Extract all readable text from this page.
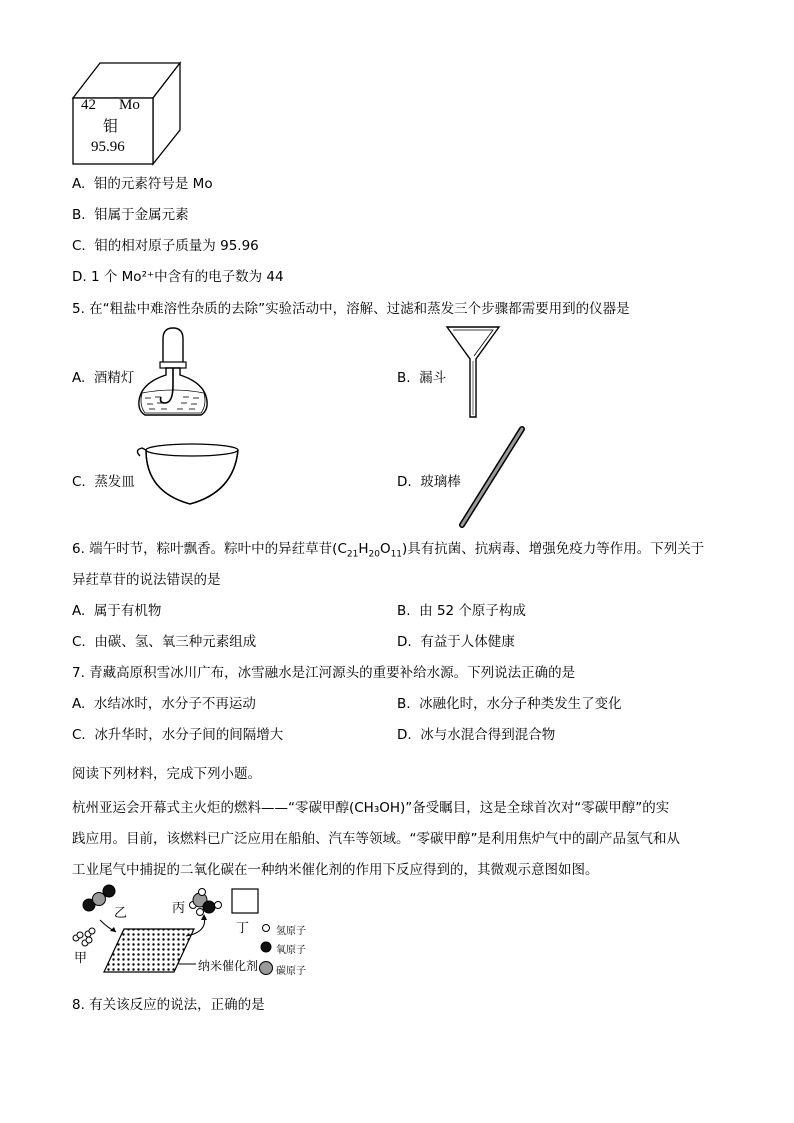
42 Mo
钼
95.96
A. 钼的元素符号是 Mo
B. 钼属于金属元素
C. 钼的相对原子质量为 95.96
D. 1 个 Mo²⁺中含有的电子数为 44
5. 在“粗盐中难溶性杂质的去除”实验活动中，溶解、过滤和蒸发三个步骤都需要用到的仪器是
A. 酒精灯	B. 漏斗
C. 蒸发皿	D. 玻璃棒
6. 端午时节，粽叶飘香。粽叶中的异荭草苷$(C_{21}H_{20}O_{11})$具有抗菌、抗病毒、增强免疫力等作用。下列关于
异荭草苷的说法错误的是
A. 属于有机物	B. 由 52 个原子构成
C. 由碳、氢、氧三种元素组成	D. 有益于人体健康
7. 青藏高原积雪冰川广布，冰雪融水是江河源头的重要补给水源。下列说法正确的是
A. 水结冰时，水分子不再运动	B. 冰融化时，水分子种类发生了变化
C. 冰升华时，水分子间的间隔增大	D. 冰与水混合得到混合物
阅读下列材料，完成下列小题。
杭州亚运会开幕式主火炬的燃料——“零碳甲醇(CH₃OH)”备受瞩目，这是全球首次对“零碳甲醇”的实
践应用。目前，该燃料已广泛应用在船舶、汽车等领域。“零碳甲醇”是利用焦炉气中的副产品氢气和从
工业尾气中捕捉的二氧化碳在一种纳米催化剂的作用下反应得到的，其微观示意图如图。
乙	丙
丁
甲	纳米催化剂
氢原子
氧原子
碳原子
8. 有关该反应的说法，正确的是
